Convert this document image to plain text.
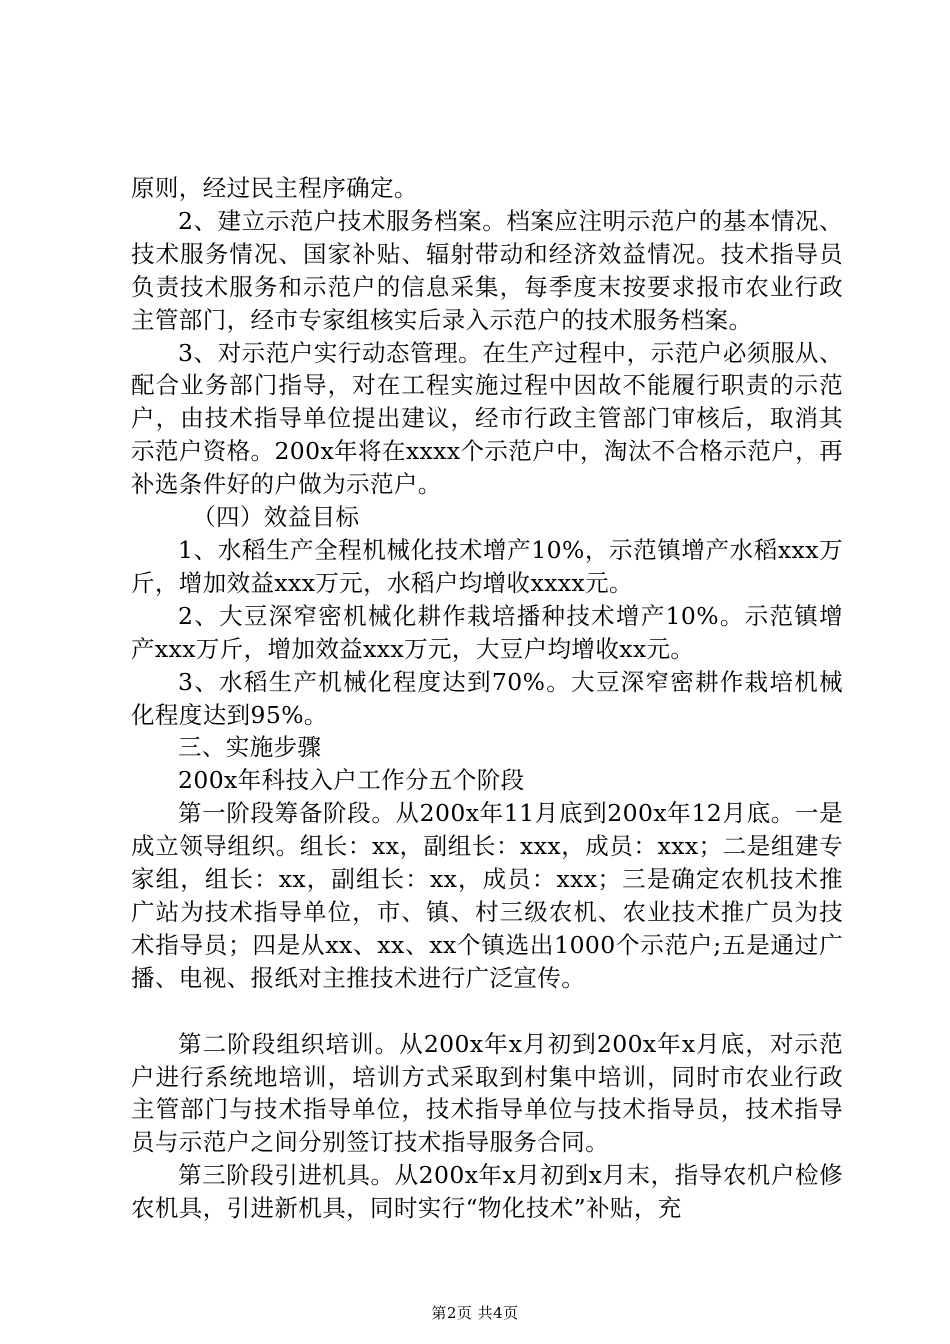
原则，经过民主程序确定。

2、建立示范户技术服务档案。档案应注明示范户的基本情况、技术服务情况、国家补贴、辐射带动和经济效益情况。技术指导员负责技术服务和示范户的信息采集，每季度末按要求报市农业行政主管部门，经市专家组核实后录入示范户的技术服务档案。

3、对示范户实行动态管理。在生产过程中，示范户必须服从、配合业务部门指导，对在工程实施过程中因故不能履行职责的示范户，由技术指导单位提出建议，经市行政主管部门审核后，取消其示范户资格。200x年将在xxxx个示范户中，淘汰不合格示范户，再补选条件好的户做为示范户。

（四）效益目标

1、水稻生产全程机械化技术增产10%，示范镇增产水稻xxx万斤，增加效益xxx万元，水稻户均增收xxxx元。

2、大豆深窄密机械化耕作栽培播种技术增产10%。示范镇增产xxx万斤，增加效益xxx万元，大豆户均增收xx元。

3、水稻生产机械化程度达到70%。大豆深窄密耕作栽培机械化程度达到95%。

三、实施步骤

200x年科技入户工作分五个阶段

第一阶段筹备阶段。从200x年11月底到200x年12月底。一是成立领导组织。组长：xx，副组长：xxx，成员：xxx；二是组建专家组，组长：xx，副组长：xx，成员：xxx；三是确定农机技术推广站为技术指导单位，市、镇、村三级农机、农业技术推广员为技术指导员；四是从xx、xx、xx个镇选出1000个示范户;五是通过广播、电视、报纸对主推技术进行广泛宣传。

第二阶段组织培训。从200x年x月初到200x年x月底，对示范户进行系统地培训，培训方式采取到村集中培训，同时市农业行政主管部门与技术指导单位，技术指导单位与技术指导员，技术指导员与示范户之间分别签订技术指导服务合同。

第三阶段引进机具。从200x年x月初到x月末，指导农机户检修农机具，引进新机具，同时实行“物化技术”补贴，充

第2页 共4页
